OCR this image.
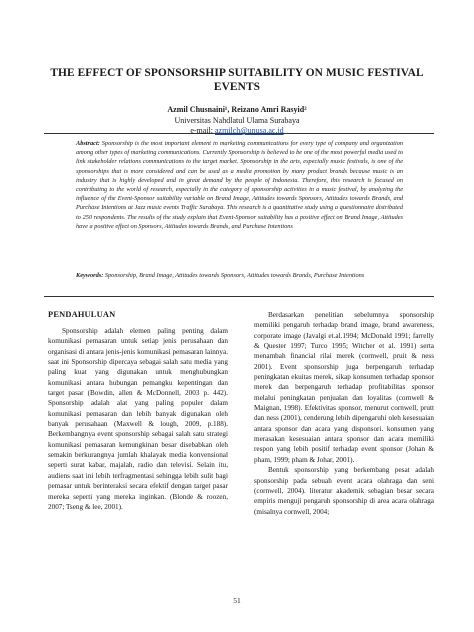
THE EFFECT OF SPONSORSHIP SUITABILITY ON MUSIC FESTIVAL EVENTS
Azmil Chusnaini¹, Reizano Amri Rasyid²
Universitas Nahdlatul Ulama Surabaya
e-mail: azmilch@unusa.ac.id
Abstract: Sponsorship is the most important element in marketing communications for every type of company and organization among other types of marketing communications. Currently Sponsorship is believed to be one of the most powerful media used to link stakeholder relations communications to the target market. Sponsorship in the arts, especially music festivals, is one of the sponsorships that is more considered and can be used as a media promotion by many product brands because music is an industry that is highly developed and in great demand by the people of Indonesia. Therefore, this research is focused on contributing to the world of research, especially in the category of sponsorship activities in a music festival, by analyzing the influence of the Event-Sponsor suitability variable on Brand Image, Attitudes towards Sponsors, Attitudes towards Brands, and Purchase Intentions at Jazz music events Traffic Surabaya. This research is a quantitative study using a questionnaire distributed to 250 respondents. The results of the study explain that Event-Sponsor suitability has a positive effect on Brand Image, Attitudes have a positive effect on Sponsors, Attitudes towards Brands, and Purchase Intentions
Keywords: Sponsorship, Brand Image, Attitudes towards Sponsors, Attitudes towards Brands, Purchase Intentions
PENDAHULUAN

Sponsorship adalah elemen paling penting dalam komunikasi pemasaran untuk setiap jenis perusahaan dan organisasi di antara jenis-jenis komunikasi pemasaran lainnya. saat ini Sponsorship dipercaya sebagai salah satu media yang paling kuat yang digunakan untuk menghubungkan komunikasi antara hubungan pemangku kepentingan dan target pasar (Bowdin, allen & McDonnell, 2003 p. 442). Sponsorship adalah alat yang paling populer dalam komunikasi pemasaran dan lebih banyak digunakan oleh banyak perusahaan (Maxwell & lough, 2009, p.188). Berkembangnya event sponsorship sebagai salah satu strategi komunikasi pemasaran kemungkinan besar disebabkan oleh semakin berkurangnya jumlah khalayak media konvensional seperti surat kabar, majalah, radio dan televisi. Selain itu, audiens saat ini lebih terfragmentasi sehingga lebih sulit bagi pemasar untuk berinteraksi secara efektif dengan target pasar mereka seperti yang mereka inginkan. (Blonde & roozen, 2007; Tseng & lee, 2001).

Berdasarkan penelitian sebelumnya sponsorship memiliki pengaruh terhadap brand image, brand awareness, corporate image (Javalgi et.al.1994; McDonald 1991; farrelly & Quester 1997; Turco 1995; Witcher et al. 1991) serta menambah financial rilai merek (cornwell, pruit & ness 2001). Event sponsorship juga berpengaruh terhadap peningkatan ekuitas merek, sikap konsumen terhadap sponsor merek dan berpengaruh terhadap profitabilitas sponsor melalui peningkatan penjualan dan loyalitas (cornwell & Maignan, 1998). Efektivitas sponsor, menurut cornwell, prutt dan ness (2001), cenderung lebih dipengaruhi oleh kesesuaian antara sponsor dan acara yang disponsori. konsumen yang merasakan kesesuaian antara sponsor dan acara memiliki respon yang lebih positif terhadap event sponsor (Johan & pham, 1999; pham & Johar, 2001).

Bentuk sponsorship yang berkembang pesat adalah sponsorship pada sebuah event acara olahraga dan seni (cornwell, 2004). literatur akademik sebagian besar secara empiris menguji pengaruh sponsorship di area acara olahraga (misalnya cornwell, 2004;

51
